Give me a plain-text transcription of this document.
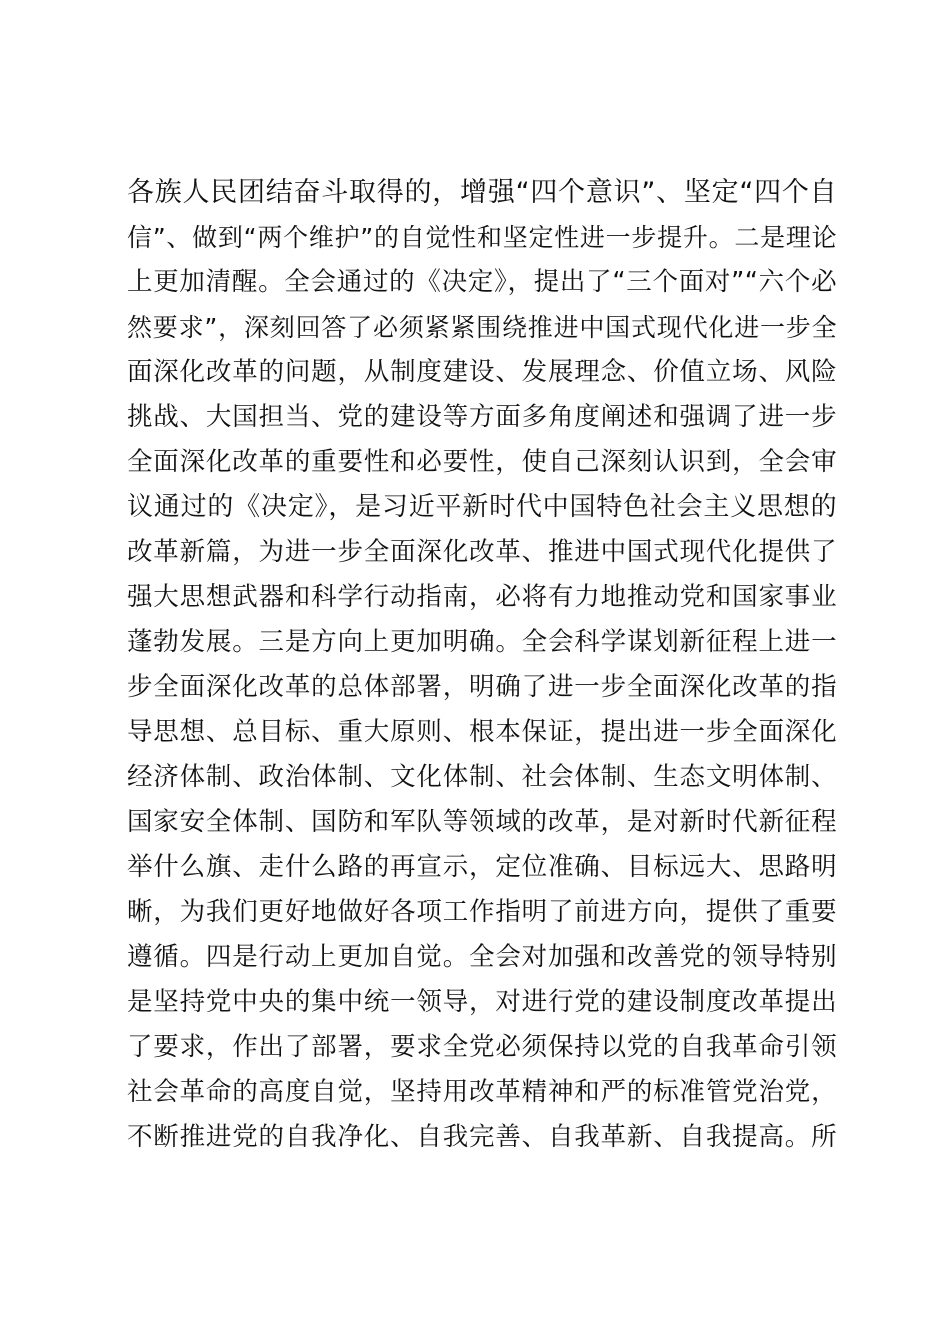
各族人民团结奋斗取得的，增强“四个意识”、坚定“四个自
信”、做到“两个维护”的自觉性和坚定性进一步提升。二是理论
上更加清醒。全会通过的《决定》，提出了“三个面对”“六个必
然要求”，深刻回答了必须紧紧围绕推进中国式现代化进一步全
面深化改革的问题，从制度建设、发展理念、价值立场、风险
挑战、大国担当、党的建设等方面多角度阐述和强调了进一步
全面深化改革的重要性和必要性，使自己深刻认识到，全会审
议通过的《决定》，是习近平新时代中国特色社会主义思想的
改革新篇，为进一步全面深化改革、推进中国式现代化提供了
强大思想武器和科学行动指南，必将有力地推动党和国家事业
蓬勃发展。三是方向上更加明确。全会科学谋划新征程上进一
步全面深化改革的总体部署，明确了进一步全面深化改革的指
导思想、总目标、重大原则、根本保证，提出进一步全面深化
经济体制、政治体制、文化体制、社会体制、生态文明体制、
国家安全体制、国防和军队等领域的改革，是对新时代新征程
举什么旗、走什么路的再宣示，定位准确、目标远大、思路明
晰，为我们更好地做好各项工作指明了前进方向，提供了重要
遵循。四是行动上更加自觉。全会对加强和改善党的领导特别
是坚持党中央的集中统一领导，对进行党的建设制度改革提出
了要求，作出了部署，要求全党必须保持以党的自我革命引领
社会革命的高度自觉，坚持用改革精神和严的标准管党治党，
不断推进党的自我净化、自我完善、自我革新、自我提高。所
